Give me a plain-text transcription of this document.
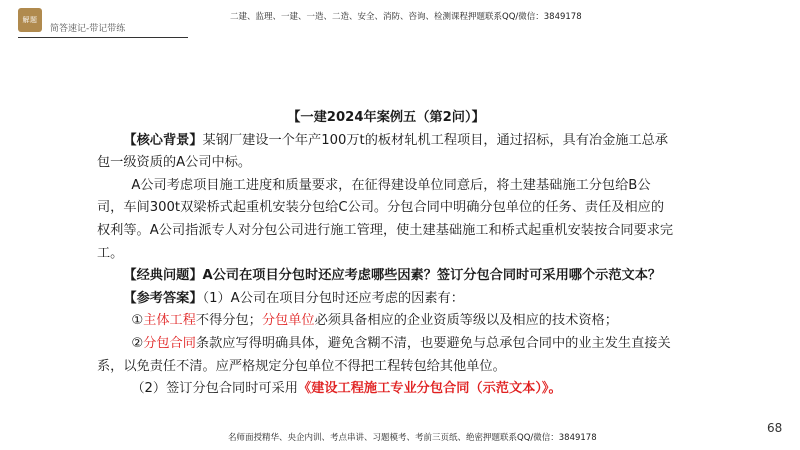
解题
简答速记-带记带练
二建、监理、一建、一造、二造、安全、消防、咨询、检测课程押题联系QQ/微信：3849178

【一建2024年案例五（第2问）】

【核心背景】某钢厂建设一个年产100万t的板材轧机工程项目，通过招标，具有冶金施工总承包一级资质的A公司中标。

A公司考虑项目施工进度和质量要求，在征得建设单位同意后，将土建基础施工分包给B公司，车间300t双梁桥式起重机安装分包给C公司。分包合同中明确分包单位的任务、责任及相应的权利等。A公司指派专人对分包公司进行施工管理，使土建基础施工和桥式起重机安装按合同要求完工。

【经典问题】A公司在项目分包时还应考虑哪些因素？签订分包合同时可采用哪个示范文本？

【参考答案】（1）A公司在项目分包时还应考虑的因素有：

①主体工程不得分包；分包单位必须具备相应的企业资质等级以及相应的技术资格；

②分包合同条款应写得明确具体，避免含糊不清，也要避免与总承包合同中的业主发生直接关系，以免责任不清。应严格规定分包单位不得把工程转包给其他单位。

（2）签订分包合同时可采用《建设工程施工专业分包合同（示范文本）》。

68
名师面授精华、央企内训、考点串讲、习题模考、考前三页纸、绝密押题联系QQ/微信：3849178
